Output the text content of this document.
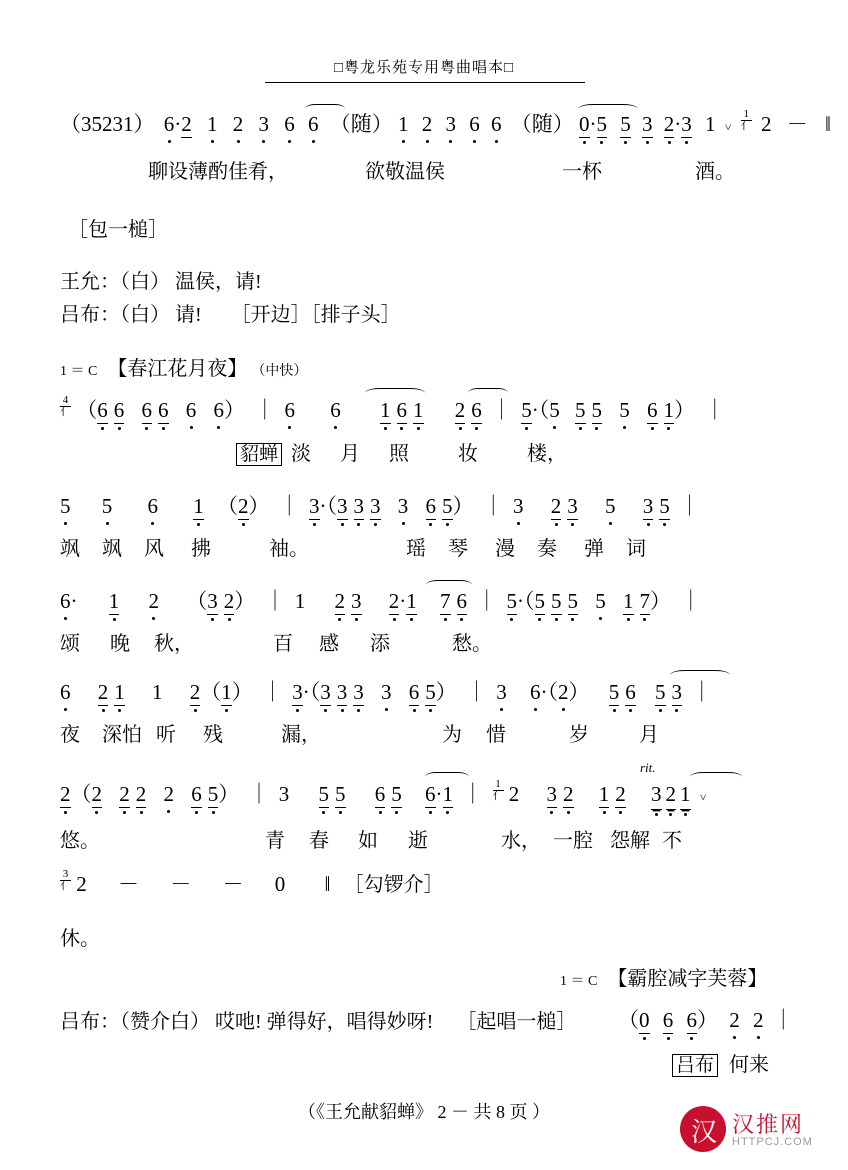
□粤龙乐苑专用粤曲唱本□
（35231） 6·2 1 2 3 6 6 （随） 1 2 3 6 6 （随） 0·5 5 3 2·3 1 ˅ $\frac{1}{\text{亻}} 2$ － ‖
聊设薄酌佳肴，	欲敬温侯	一杯	酒。
［包一槌］
王允：（白） 温侯，请!
吕布：（白） 请! ［开边］［排子头］
1 ＝ C 【春江花月夜】 （中快）
$\frac{4}{\text{亻}} (6$ 6 6 6 6 6） ｜ 6 6 1 6 1 2 6 ｜ 5·（5 5 5 5 6 1） ｜
貂蝉 淡 月 照 妆 楼，
5 5 6 1 （2） ｜ 3·（3 3 3 3 6 5） ｜ 3 2 3 5 3 5 ｜
飒 飒 风 拂	袖。	瑶 琴 漫 奏 弹 词
6· 1 2 （3 2） ｜ 1 2 3 2·1 7 6 ｜ 5·（5 5 5 5 1 7） ｜
颂 晚 秋，	百 感 添	愁。
6 2 1 1 2（1） ｜ 3·（3 3 3 3 6 5） ｜ 3 6·（2） 5 6 5 3 ｜
夜 深怕 听 残	漏，	为 惜	岁	月
2（2 2 2 2 6 5） ｜ 3 5 5 6 5 6·1 ｜ $\frac{1}{\text{亻}} 2$ 3 2 1 2 3 2 1 ˅
rit.
悠。	青 春 如 逝	水， 一腔 怨解 不
$\frac{3}{\text{亻}} 2$ － － － 0 ‖ ［勾锣介］
休。
1 ＝ C 【霸腔减字芙蓉】
吕布：（赞介白） 哎吔! 弹得好，唱得妙呀! ［起唱一槌］ （0 6 6） 2 2 ｜
吕布 何来
（《王允献貂蝉》 2 － 共 8 页 ）
汉 汉推网
HTTPCJ.COM
